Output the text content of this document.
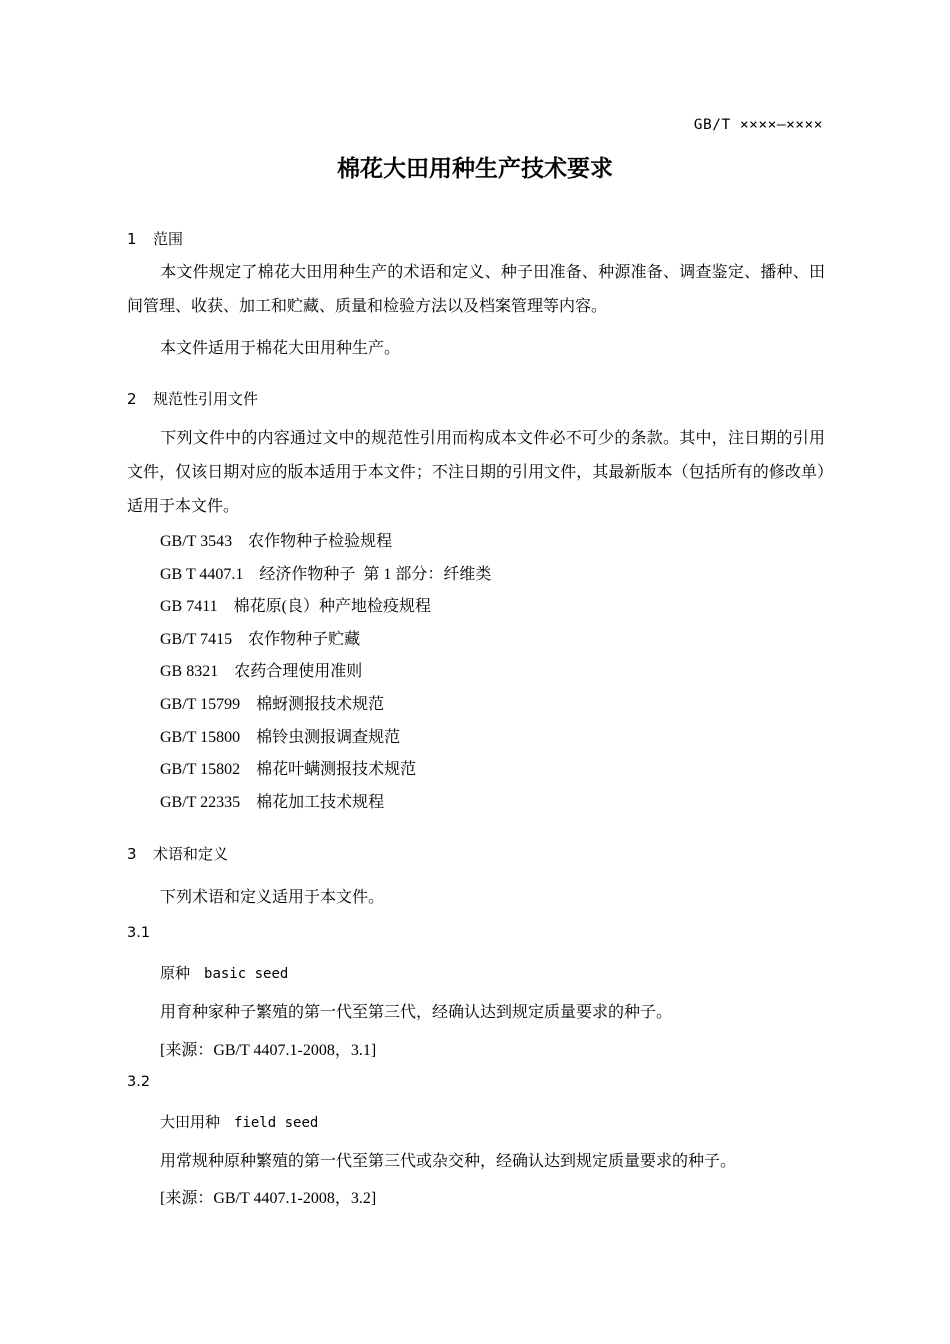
GB/T ××××—××××
棉花大田用种生产技术要求
1 范围
本文件规定了棉花大田用种生产的术语和定义、种子田准备、种源准备、调查鉴定、播种、田间管理、收获、加工和贮藏、质量和检验方法以及档案管理等内容。
本文件适用于棉花大田用种生产。
2 规范性引用文件
下列文件中的内容通过文中的规范性引用而构成本文件必不可少的条款。其中，注日期的引用文件，仅该日期对应的版本适用于本文件；不注日期的引用文件，其最新版本（包括所有的修改单）适用于本文件。
GB/T 3543 农作物种子检验规程
GB T 4407.1 经济作物种子  第 1 部分：纤维类
GB 7411 棉花原(良）种产地检疫规程
GB/T 7415 农作物种子贮藏
GB 8321 农药合理使用准则
GB/T 15799 棉蚜测报技术规范
GB/T 15800 棉铃虫测报调查规范
GB/T 15802 棉花叶螨测报技术规范
GB/T 22335 棉花加工技术规程
3 术语和定义
下列术语和定义适用于本文件。
3.1
原种 basic seed
用育种家种子繁殖的第一代至第三代，经确认达到规定质量要求的种子。
[来源：GB/T 4407.1-2008，3.1]
3.2
大田用种 field seed
用常规种原种繁殖的第一代至第三代或杂交种，经确认达到规定质量要求的种子。
[来源：GB/T 4407.1-2008，3.2]
